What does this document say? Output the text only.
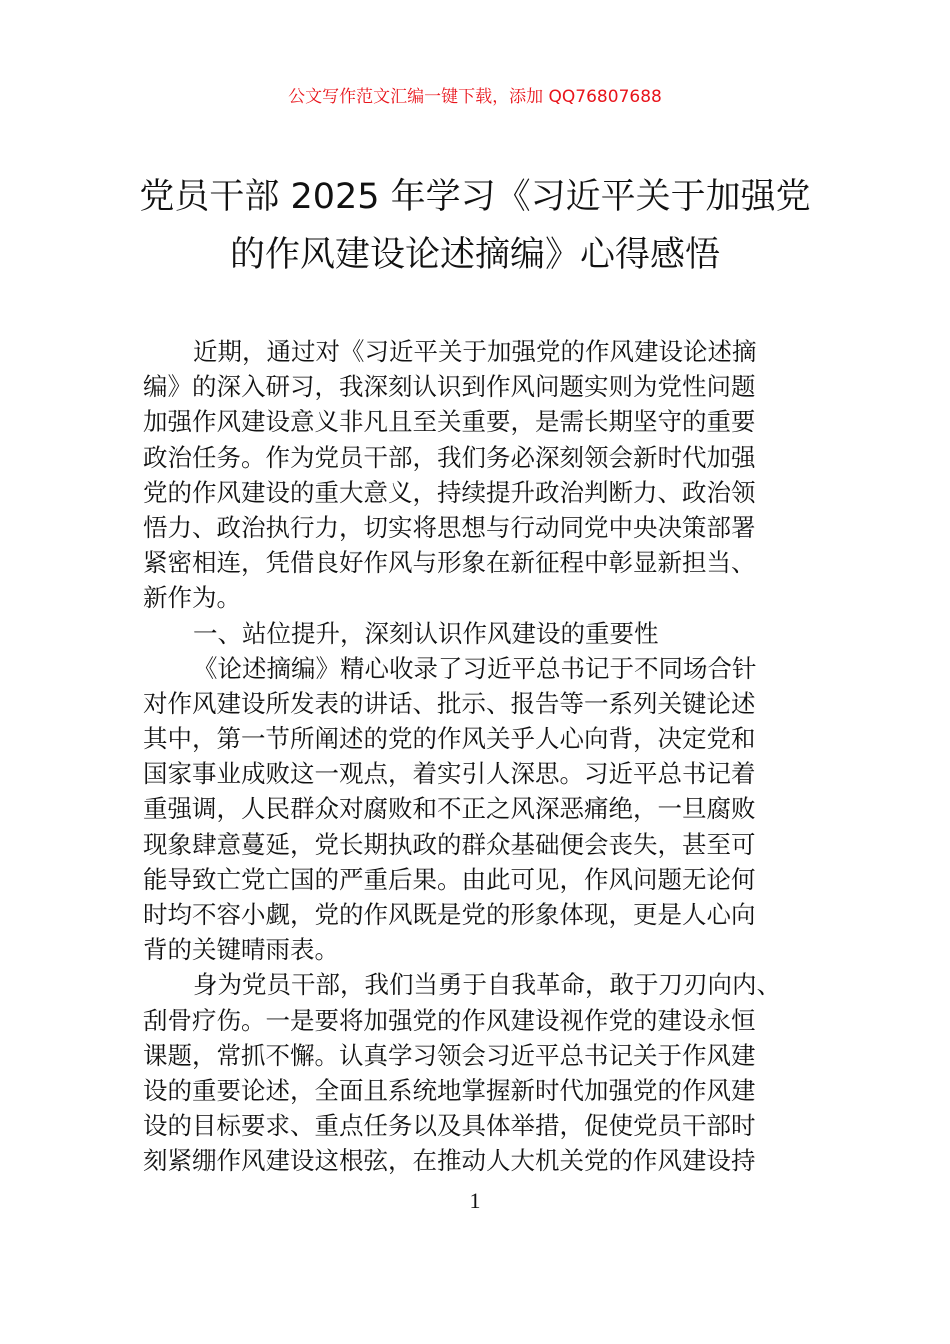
公文写作范文汇编一键下载，添加 QQ76807688
党员干部 2025 年学习《习近平关于加强党
的作风建设论述摘编》心得感悟
近期，通过对《习近平关于加强党的作风建设论述摘
编》的深入研习，我深刻认识到作风问题实则为党性问题
加强作风建设意义非凡且至关重要，是需长期坚守的重要
政治任务。作为党员干部，我们务必深刻领会新时代加强
党的作风建设的重大意义，持续提升政治判断力、政治领
悟力、政治执行力，切实将思想与行动同党中央决策部署
紧密相连，凭借良好作风与形象在新征程中彰显新担当、
新作为。
一、站位提升，深刻认识作风建设的重要性
《论述摘编》精心收录了习近平总书记于不同场合针
对作风建设所发表的讲话、批示、报告等一系列关键论述
其中，第一节所阐述的党的作风关乎人心向背，决定党和
国家事业成败这一观点，着实引人深思。习近平总书记着
重强调，人民群众对腐败和不正之风深恶痛绝，一旦腐败
现象肆意蔓延，党长期执政的群众基础便会丧失，甚至可
能导致亡党亡国的严重后果。由此可见，作风问题无论何
时均不容小觑，党的作风既是党的形象体现，更是人心向
背的关键晴雨表。
身为党员干部，我们当勇于自我革命，敢于刀刃向内、
刮骨疗伤。一是要将加强党的作风建设视作党的建设永恒
课题，常抓不懈。认真学习领会习近平总书记关于作风建
设的重要论述，全面且系统地掌握新时代加强党的作风建
设的目标要求、重点任务以及具体举措，促使党员干部时
刻紧绷作风建设这根弦，在推动人大机关党的作风建设持
1
